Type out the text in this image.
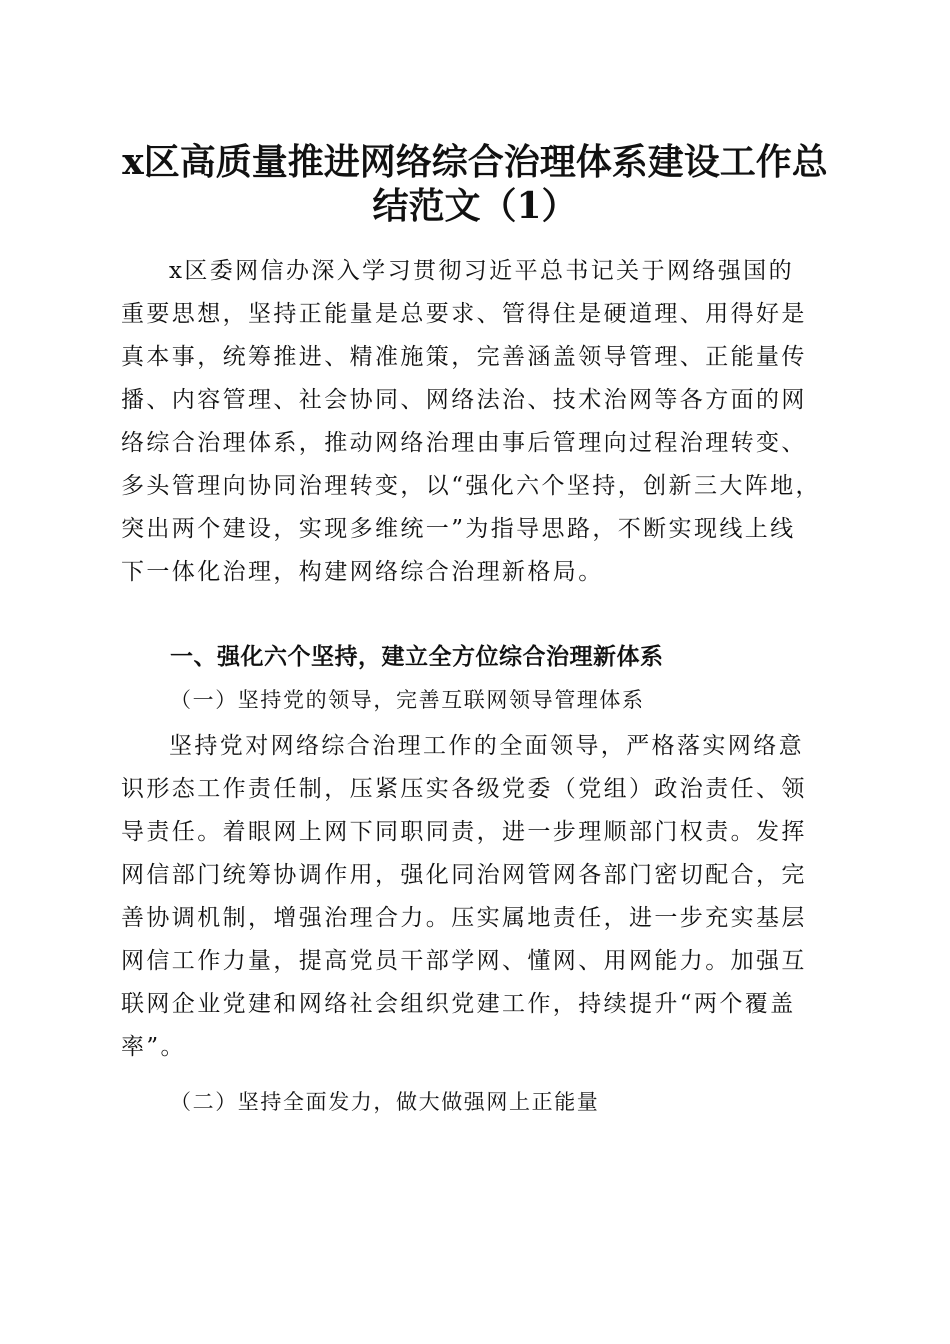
x区高质量推进网络综合治理体系建设工作总
结范文（1）
x区委网信办深入学习贯彻习近平总书记关于网络强国的
重要思想，坚持正能量是总要求、管得住是硬道理、用得好是
真本事，统筹推进、精准施策，完善涵盖领导管理、正能量传
播、内容管理、社会协同、网络法治、技术治网等各方面的网
络综合治理体系，推动网络治理由事后管理向过程治理转变、
多头管理向协同治理转变，以“强化六个坚持，创新三大阵地，
突出两个建设，实现多维统一”为指导思路，不断实现线上线
下一体化治理，构建网络综合治理新格局。
一、强化六个坚持，建立全方位综合治理新体系
（一）坚持党的领导，完善互联网领导管理体系
坚持党对网络综合治理工作的全面领导，严格落实网络意
识形态工作责任制，压紧压实各级党委（党组）政治责任、领
导责任。着眼网上网下同职同责，进一步理顺部门权责。发挥
网信部门统筹协调作用，强化同治网管网各部门密切配合，完
善协调机制，增强治理合力。压实属地责任，进一步充实基层
网信工作力量，提高党员干部学网、懂网、用网能力。加强互
联网企业党建和网络社会组织党建工作，持续提升“两个覆盖
率”。
（二）坚持全面发力，做大做强网上正能量
